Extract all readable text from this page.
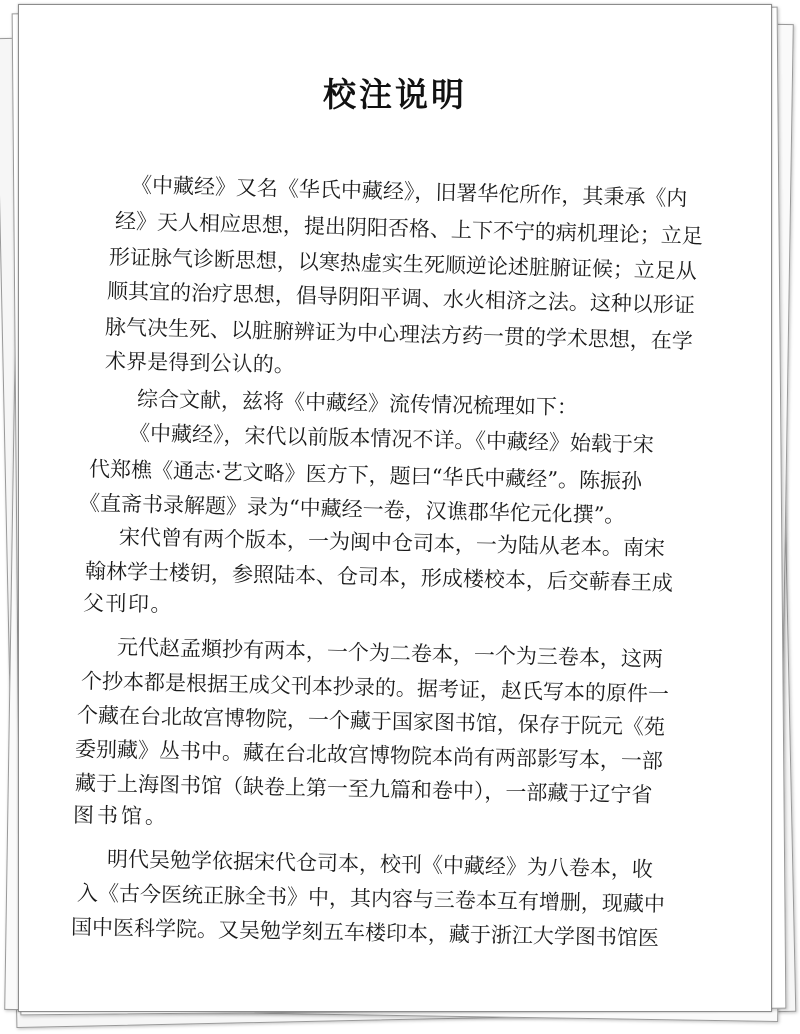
校注说明
《中藏经》又名《华氏中藏经》，旧署华佗所作，其秉承《内
经》天人相应思想，提出阴阳否格、上下不宁的病机理论；立足
形证脉气诊断思想，以寒热虚实生死顺逆论述脏腑证候；立足从
顺其宜的治疗思想，倡导阴阳平调、水火相济之法。这种以形证
脉气决生死、以脏腑辨证为中心理法方药一贯的学术思想，在学
术界是得到公认的。
综合文献，兹将《中藏经》流传情况梳理如下：
《中藏经》，宋代以前版本情况不详。《中藏经》始载于宋
代郑樵《通志·艺文略》医方下，题曰“华氏中藏经”。陈振孙
《直斋书录解题》录为“中藏经一卷，汉谯郡华佗元化撰”。
宋代曾有两个版本，一为闽中仓司本，一为陆从老本。南宋
翰林学士楼钥，参照陆本、仓司本，形成楼校本，后交蕲春王成
父刊印。
元代赵孟頫抄有两本，一个为二卷本，一个为三卷本，这两
个抄本都是根据王成父刊本抄录的。据考证，赵氏写本的原件一
个藏在台北故宫博物院，一个藏于国家图书馆，保存于阮元《苑
委别藏》丛书中。藏在台北故宫博物院本尚有两部影写本，一部
藏于上海图书馆（缺卷上第一至九篇和卷中），一部藏于辽宁省
图书馆。
明代吴勉学依据宋代仓司本，校刊《中藏经》为八卷本，收
入《古今医统正脉全书》中，其内容与三卷本互有增删，现藏中
国中医科学院。又吴勉学刻五车楼印本，藏于浙江大学图书馆医
